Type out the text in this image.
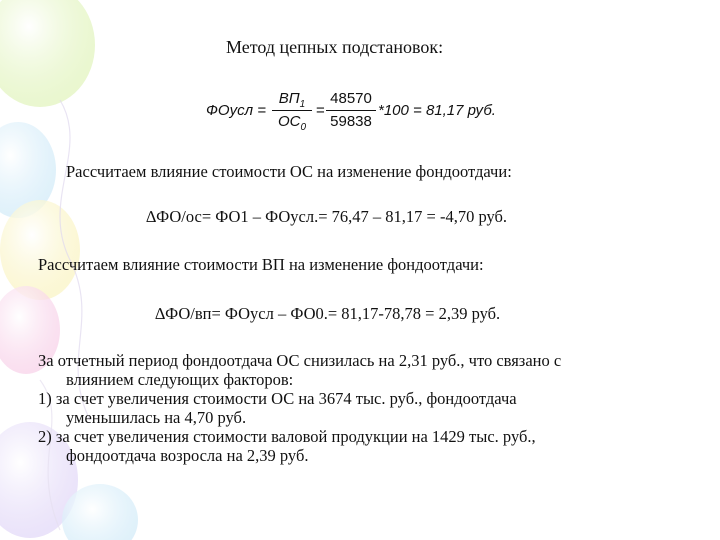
Метод цепных подстановок:
ФОусл =
$ВП_1$
$ОС_0$
= $\frac{48570}{59838} *100 = 81,17$ руб.
Рассчитаем влияние стоимости ОС на изменение фондоотдачи:
∆ФО/ос= ФО1 – ФОусл.= 76,47 – 81,17 = -4,70 руб.
Рассчитаем влияние стоимости ВП на изменение фондоотдачи:
∆ФО/вп= ФОусл – ФО0.= 81,17-78,78 = 2,39 руб.
За отчетный период фондоотдача ОС снизилась на 2,31 руб., что связано с
влиянием следующих факторов:
1) за счет увеличения стоимости ОС на 3674 тыс. руб., фондоотдача
уменьшилась на 4,70 руб.
2) за счет увеличения стоимости валовой продукции на 1429 тыс. руб.,
фондоотдача возросла на 2,39 руб.
